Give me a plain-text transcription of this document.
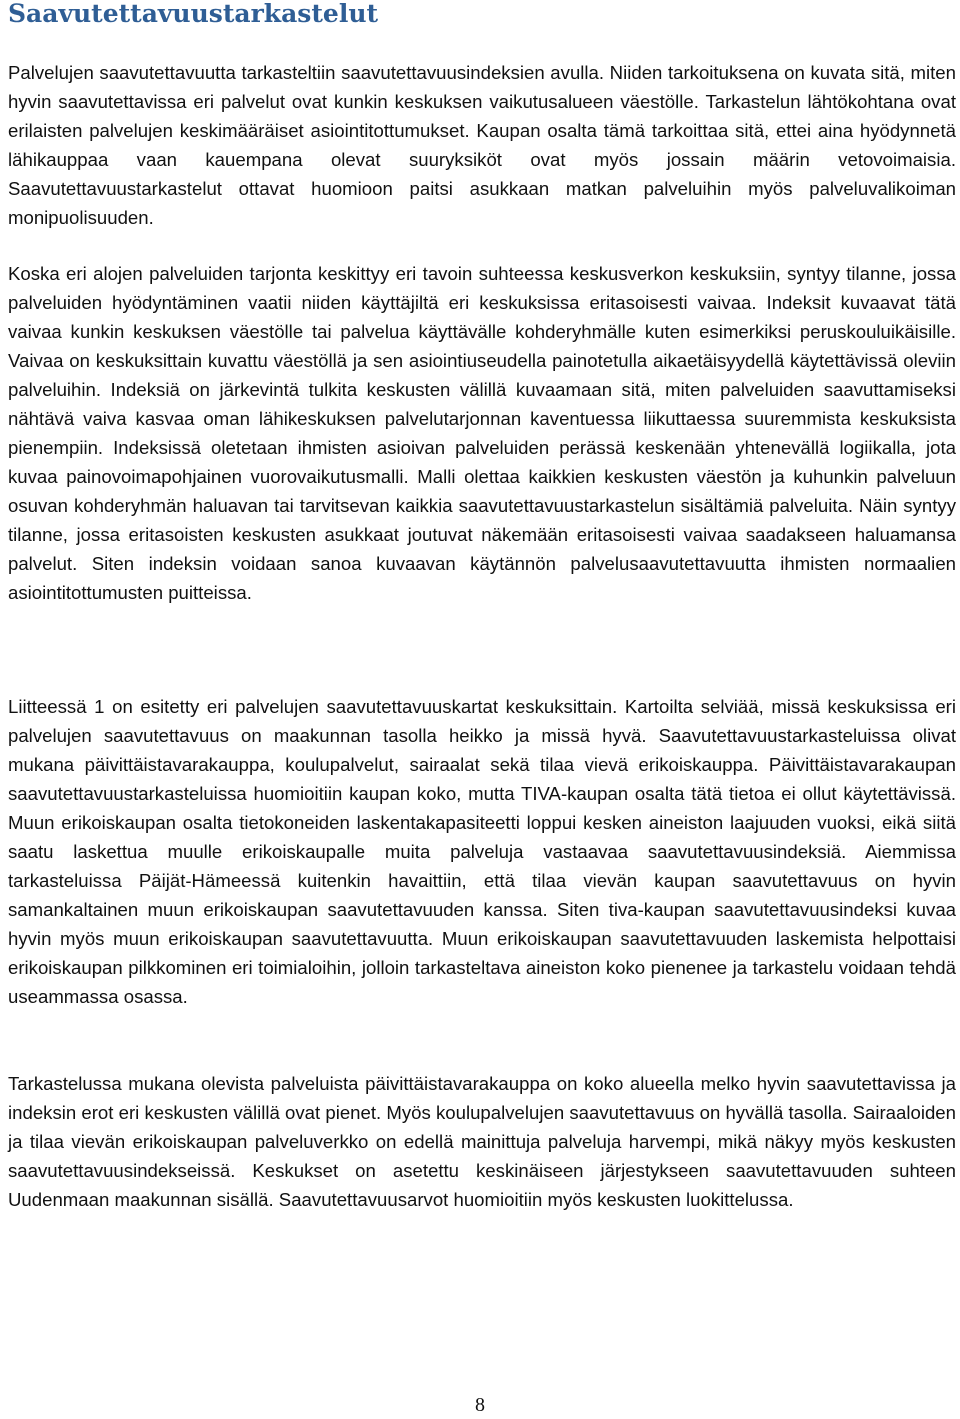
Saavutettavuustarkastelut

Palvelujen saavutettavuutta tarkasteltiin saavutettavuusindeksien avulla. Niiden tarkoituksena on kuvata sitä, miten hyvin saavutettavissa eri palvelut ovat kunkin keskuksen vaikutusalueen väestölle. Tarkastelun lähtökohtana ovat erilaisten palvelujen keskimääräiset asiointitottumukset. Kaupan osalta tämä tarkoittaa sitä, ettei aina hyödynnetä lähikauppaa vaan kauempana olevat suuryksiköt ovat myös jossain määrin vetovoimaisia. Saavutettavuustarkastelut ottavat huomioon paitsi asukkaan matkan palveluihin myös palveluvalikoiman monipuolisuuden.

Koska eri alojen palveluiden tarjonta keskittyy eri tavoin suhteessa keskusverkon keskuksiin, syntyy tilanne, jossa palveluiden hyödyntäminen vaatii niiden käyttäjiltä eri keskuksissa eritasoisesti vaivaa. Indeksit kuvaavat tätä vaivaa kunkin keskuksen väestölle tai palvelua käyttävälle kohderyhmälle kuten esimerkiksi peruskouluikäisille. Vaivaa on keskuksittain kuvattu väestöllä ja sen asiointiuseudella painotetulla aikaetäisyydellä käytettävissä oleviin palveluihin. Indeksiä on järkevintä tulkita keskusten välillä kuvaamaan sitä, miten palveluiden saavuttamiseksi nähtävä vaiva kasvaa oman lähikeskuksen palvelutarjonnan kaventuessa liikuttaessa suuremmista keskuksista pienempiin. Indeksissä oletetaan ihmisten asioivan palveluiden perässä keskenään yhtenevällä logiikalla, jota kuvaa painovoimapohjainen vuorovaikutusmalli. Malli olettaa kaikkien keskusten väestön ja kuhunkin palveluun osuvan kohderyhmän haluavan tai tarvitsevan kaikkia saavutettavuustarkastelun sisältämiä palveluita. Näin syntyy tilanne, jossa eritasoisten keskusten asukkaat joutuvat näkemään eritasoisesti vaivaa saadakseen haluamansa palvelut. Siten indeksin voidaan sanoa kuvaavan käytännön palvelusaavutettavuutta ihmisten normaalien asiointitottumusten puitteissa.

Liitteessä 1 on esitetty eri palvelujen saavutettavuuskartat keskuksittain. Kartoilta selviää, missä keskuksissa eri palvelujen saavutettavuus on maakunnan tasolla heikko ja missä hyvä. Saavutettavuustarkasteluissa olivat mukana päivittäistavarakauppa, koulupalvelut, sairaalat sekä tilaa vievä erikoiskauppa. Päivittäistavarakaupan saavutettavuustarkasteluissa huomioitiin kaupan koko, mutta TIVA-kaupan osalta tätä tietoa ei ollut käytettävissä. Muun erikoiskaupan osalta tietokoneiden laskentakapasiteetti loppui kesken aineiston laajuuden vuoksi, eikä siitä saatu laskettua muulle erikoiskaupalle muita palveluja vastaavaa saavutettavuusindeksiä. Aiemmissa tarkasteluissa Päijät-Hämeessä kuitenkin havaittiin, että tilaa vievän kaupan saavutettavuus on hyvin samankaltainen muun erikoiskaupan saavutettavuuden kanssa. Siten tiva-kaupan saavutettavuusindeksi kuvaa hyvin myös muun erikoiskaupan saavutettavuutta. Muun erikoiskaupan saavutettavuuden laskemista helpottaisi erikoiskaupan pilkkominen eri toimialoihin, jolloin tarkasteltava aineiston koko pienenee ja tarkastelu voidaan tehdä useammassa osassa.

Tarkastelussa mukana olevista palveluista päivittäistavarakauppa on koko alueella melko hyvin saavutettavissa ja indeksin erot eri keskusten välillä ovat pienet. Myös koulupalvelujen saavutettavuus on hyvällä tasolla. Sairaaloiden ja tilaa vievän erikoiskaupan palveluverkko on edellä mainittuja palveluja harvempi, mikä näkyy myös keskusten saavutettavuusindekseissä. Keskukset on asetettu keskinäiseen järjestykseen saavutettavuuden suhteen Uudenmaan maakunnan sisällä. Saavutettavuusarvot huomioitiin myös keskusten luokittelussa.

8
